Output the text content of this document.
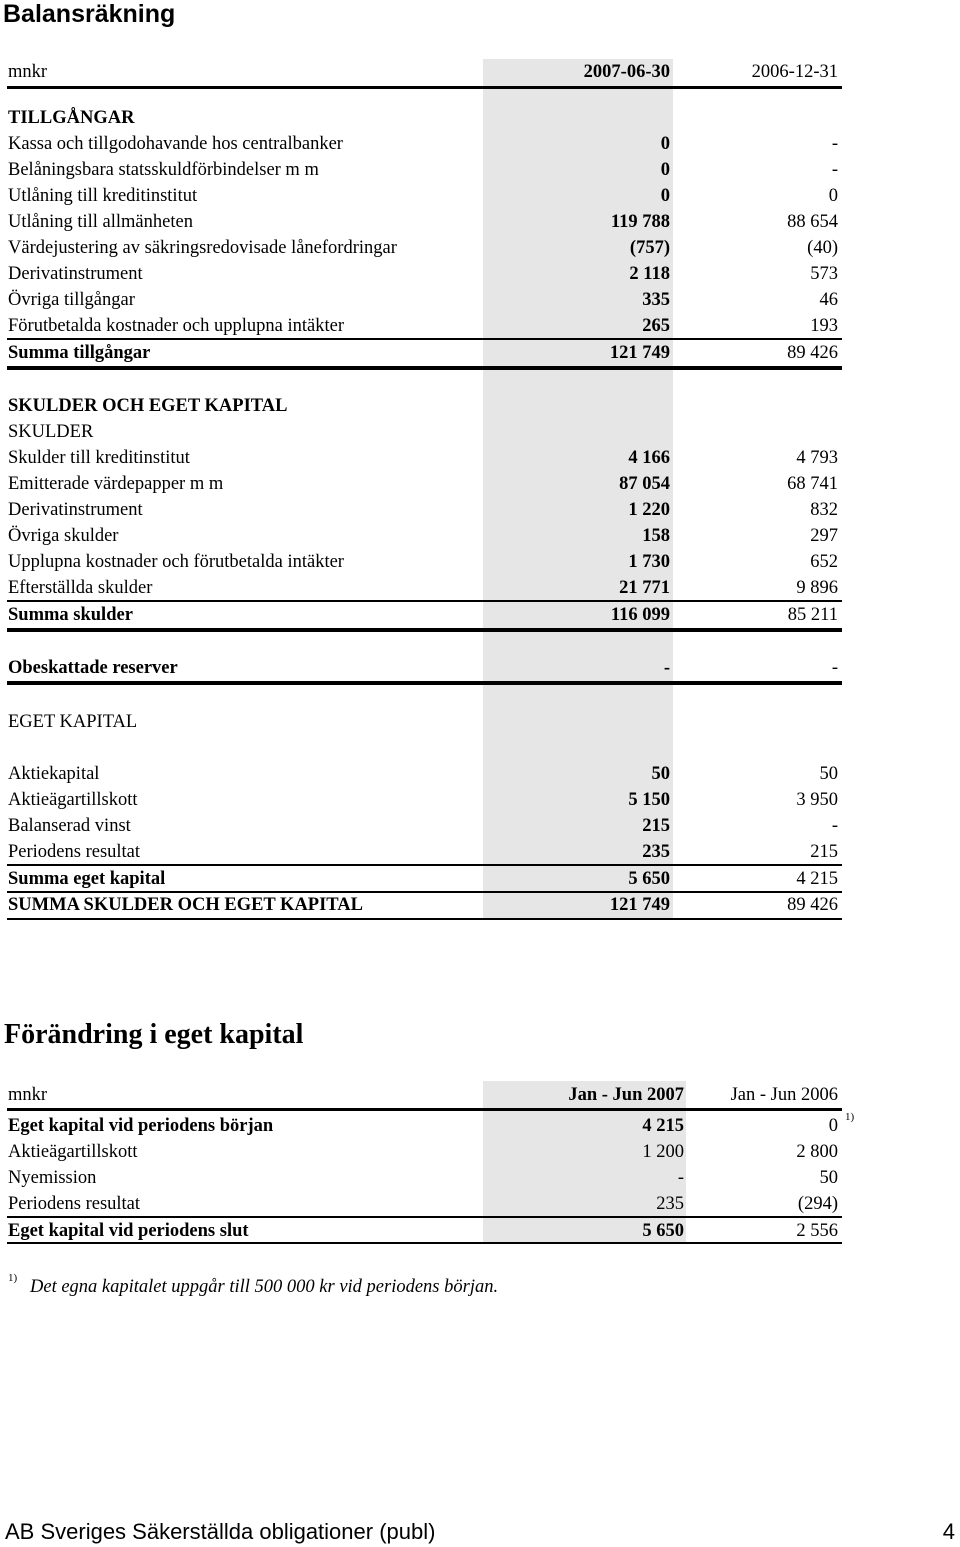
Balansräkning
mnkr	2007-06-30	2006-12-31
TILLGÅNGAR
Kassa och tillgodohavande hos centralbanker	0	-
Belåningsbara statsskuldförbindelser m m	0	-
Utlåning till kreditinstitut	0	0
Utlåning till allmänheten	119 788	88 654
Värdejustering av säkringsredovisade lånefordringar	(757)	(40)
Derivatinstrument	2 118	573
Övriga tillgångar	335	46
Förutbetalda kostnader och upplupna intäkter	265	193
Summa tillgångar	121 749	89 426
SKULDER OCH EGET KAPITAL
SKULDER
Skulder till kreditinstitut	4 166	4 793
Emitterade värdepapper m m	87 054	68 741
Derivatinstrument	1 220	832
Övriga skulder	158	297
Upplupna kostnader och förutbetalda intäkter	1 730	652
Efterställda skulder	21 771	9 896
Summa skulder	116 099	85 211
Obeskattade reserver	-	-
EGET KAPITAL
Aktiekapital	50	50
Aktieägartillskott	5 150	3 950
Balanserad vinst	215	-
Periodens resultat	235	215
Summa eget kapital	5 650	4 215
SUMMA SKULDER OCH EGET KAPITAL	121 749	89 426
Förändring i eget kapital
mnkr	Jan - Jun 2007	Jan - Jun 2006
Eget kapital vid periodens början	4 215	0
Aktieägartillskott	1 200	2 800
Nyemission	-	50
Periodens resultat	235	(294)
Eget kapital vid periodens slut	5 650	2 556
1) Det egna kapitalet uppgår till 500 000 kr vid periodens början.
AB Sveriges Säkerställda obligationer (publ)	4
1)
